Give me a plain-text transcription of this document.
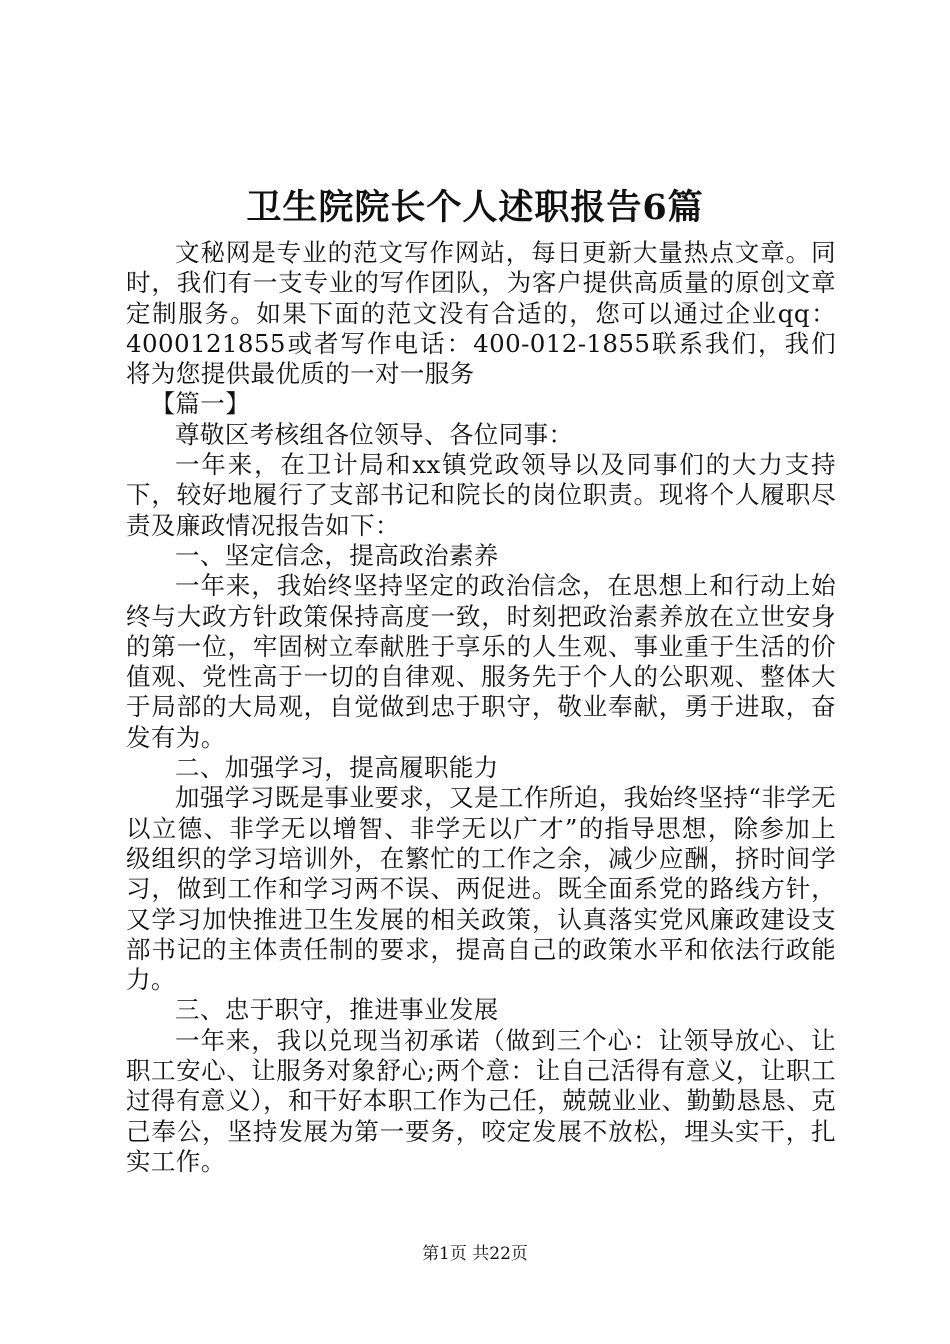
卫生院院长个人述职报告6篇

文秘网是专业的范文写作网站，每日更新大量热点文章。同时，我们有一支专业的写作团队，为客户提供高质量的原创文章定制服务。如果下面的范文没有合适的，您可以通过企业qq：4000121855或者写作电话：400-012-1855联系我们，我们将为您提供最优质的一对一服务

【篇一】

尊敬区考核组各位领导、各位同事：

一年来，在卫计局和xx镇党政领导以及同事们的大力支持下，较好地履行了支部书记和院长的岗位职责。现将个人履职尽责及廉政情况报告如下：

一、坚定信念，提高政治素养

一年来，我始终坚持坚定的政治信念，在思想上和行动上始终与大政方针政策保持高度一致，时刻把政治素养放在立世安身的第一位，牢固树立奉献胜于享乐的人生观、事业重于生活的价值观、党性高于一切的自律观、服务先于个人的公职观、整体大于局部的大局观，自觉做到忠于职守，敬业奉献，勇于进取，奋发有为。

二、加强学习，提高履职能力

加强学习既是事业要求，又是工作所迫，我始终坚持“非学无以立德、非学无以增智、非学无以广才”的指导思想，除参加上级组织的学习培训外，在繁忙的工作之余，减少应酬，挤时间学习，做到工作和学习两不误、两促进。既全面系党的路线方针，又学习加快推进卫生发展的相关政策，认真落实党风廉政建设支部书记的主体责任制的要求，提高自己的政策水平和依法行政能力。

三、忠于职守，推进事业发展

一年来，我以兑现当初承诺（做到三个心：让领导放心、让职工安心、让服务对象舒心;两个意：让自己活得有意义，让职工过得有意义），和干好本职工作为己任，兢兢业业、勤勤恳恳、克己奉公，坚持发展为第一要务，咬定发展不放松，埋头实干，扎实工作。

第1页 共22页
